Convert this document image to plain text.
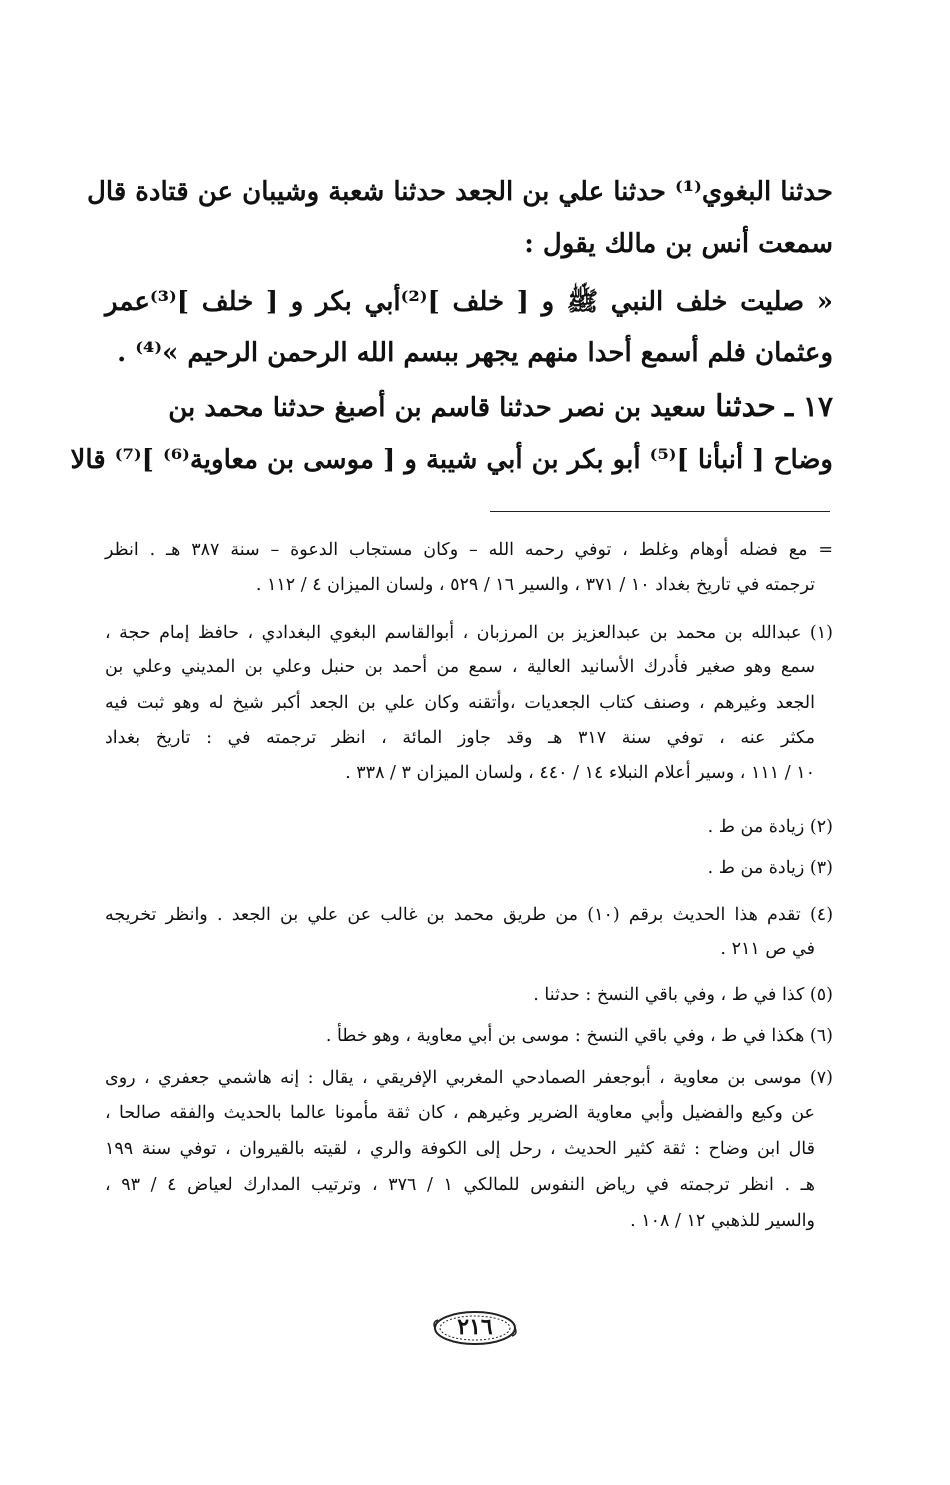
حدثنا البغوي⁽¹⁾ حدثنا علي بن الجعد حدثنا شعبة وشيبان عن قتادة قال
سمعت أنس بن مالك يقول :
« صليت خلف النبي ﷺ و [ خلف ]⁽²⁾أبي بكر و [ خلف ]⁽³⁾عمر
وعثمان فلم أسمع أحدا منهم يجهر ببسم الله الرحمن الرحيم »⁽⁴⁾ .
١٧ ـ حدثنا سعيد بن نصر حدثنا قاسم بن أصبغ حدثنا محمد بن
وضاح [ أنبأنا ]⁽⁵⁾ أبو بكر بن أبي شيبة و [ موسى بن معاوية⁽⁶⁾ ]⁽⁷⁾ قالا
= مع فضله أوهام وغلط ، توفي رحمه الله – وكان مستجاب الدعوة – سنة ٣٨٧ هـ . انظر
ترجمته في تاريخ بغداد ١٠ / ٣٧١ ، والسير ١٦ / ٥٢٩ ، ولسان الميزان ٤ / ١١٢ .
(١) عبدالله بن محمد بن عبدالعزيز بن المرزبان ، أبوالقاسم البغوي البغدادي ، حافظ إمام حجة ،
سمع وهو صغير فأدرك الأسانيد العالية ، سمع من أحمد بن حنبل وعلي بن المديني وعلي بن
الجعد وغيرهم ، وصنف كتاب الجعديات ،وأتقنه وكان علي بن الجعد أكبر شيخ له وهو ثبت فيه
مكثر عنه ، توفي سنة ٣١٧ هـ وقد جاوز المائة ، انظر ترجمته في : تاريخ بغداد
١٠ / ١١١ ، وسير أعلام النبلاء ١٤ / ٤٤٠ ، ولسان الميزان ٣ / ٣٣٨ .
(٢) زيادة من ط .
(٣) زيادة من ط .
(٤) تقدم هذا الحديث برقم (١٠) من طريق محمد بن غالب عن علي بن الجعد . وانظر تخريجه
في ص ٢١١ .
(٥) كذا في ط ، وفي باقي النسخ : حدثنا .
(٦) هكذا في ط ، وفي باقي النسخ : موسى بن أبي معاوية ، وهو خطأ .
(٧) موسى بن معاوية ، أبوجعفر الصمادحي المغربي الإفريقي ، يقال : إنه هاشمي جعفري ، روى
عن وكيع والفضيل وأبي معاوية الضرير وغيرهم ، كان ثقة مأمونا عالما بالحديث والفقه صالحا ،
قال ابن وضاح : ثقة كثير الحديث ، رحل إلى الكوفة والري ، لقيته بالقيروان ، توفي سنة ١٩٩
هـ . انظر ترجمته في رياض النفوس للمالكي ١ / ٣٧٦ ، وترتيب المدارك لعياض ٤ / ٩٣ ،
والسير للذهبي ١٢ / ١٠٨ .
٢١٦
